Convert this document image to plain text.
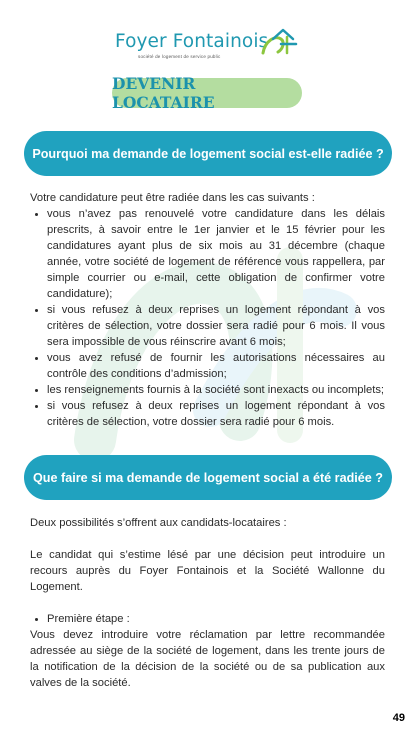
Foyer Fontainois
société de logement de service public
DEVENIR LOCATAIRE
Pourquoi ma demande de logement social est-elle radiée ?

Votre candidature peut être radiée dans les cas suivants :

• vous n’avez pas renouvelé votre candidature dans les délais prescrits, à savoir entre le 1er janvier et le 15 février pour les candidatures ayant plus de six mois au 31 décembre (chaque année, votre société de logement de référence vous rappellera, par simple courrier ou e-mail, cette obligation de confirmer votre candidature);
• si vous refusez à deux reprises un logement répondant à vos critères de sélection, votre dossier sera radié pour 6 mois. Il vous sera impossible de vous réinscrire avant 6 mois;
• vous avez refusé de fournir les autorisations nécessaires au contrôle des conditions d’admission;
• les renseignements fournis à la société sont inexacts ou incomplets;
• si vous refusez à deux reprises un logement répondant à vos critères de sélection, votre dossier sera radié pour 6 mois.
Que faire si ma demande de logement social a été radiée ?

Deux possibilités s’offrent aux candidats-locataires :

Le candidat qui s’estime lésé par une décision peut introduire un recours auprès du Foyer Fontainois et la Société Wallonne du Logement.

• Première étape :

Vous devez introduire votre réclamation par lettre recommandée adressée au siège de la société de logement, dans les trente jours de la notification de la décision de la société ou de sa publication aux valves de la société.

49
